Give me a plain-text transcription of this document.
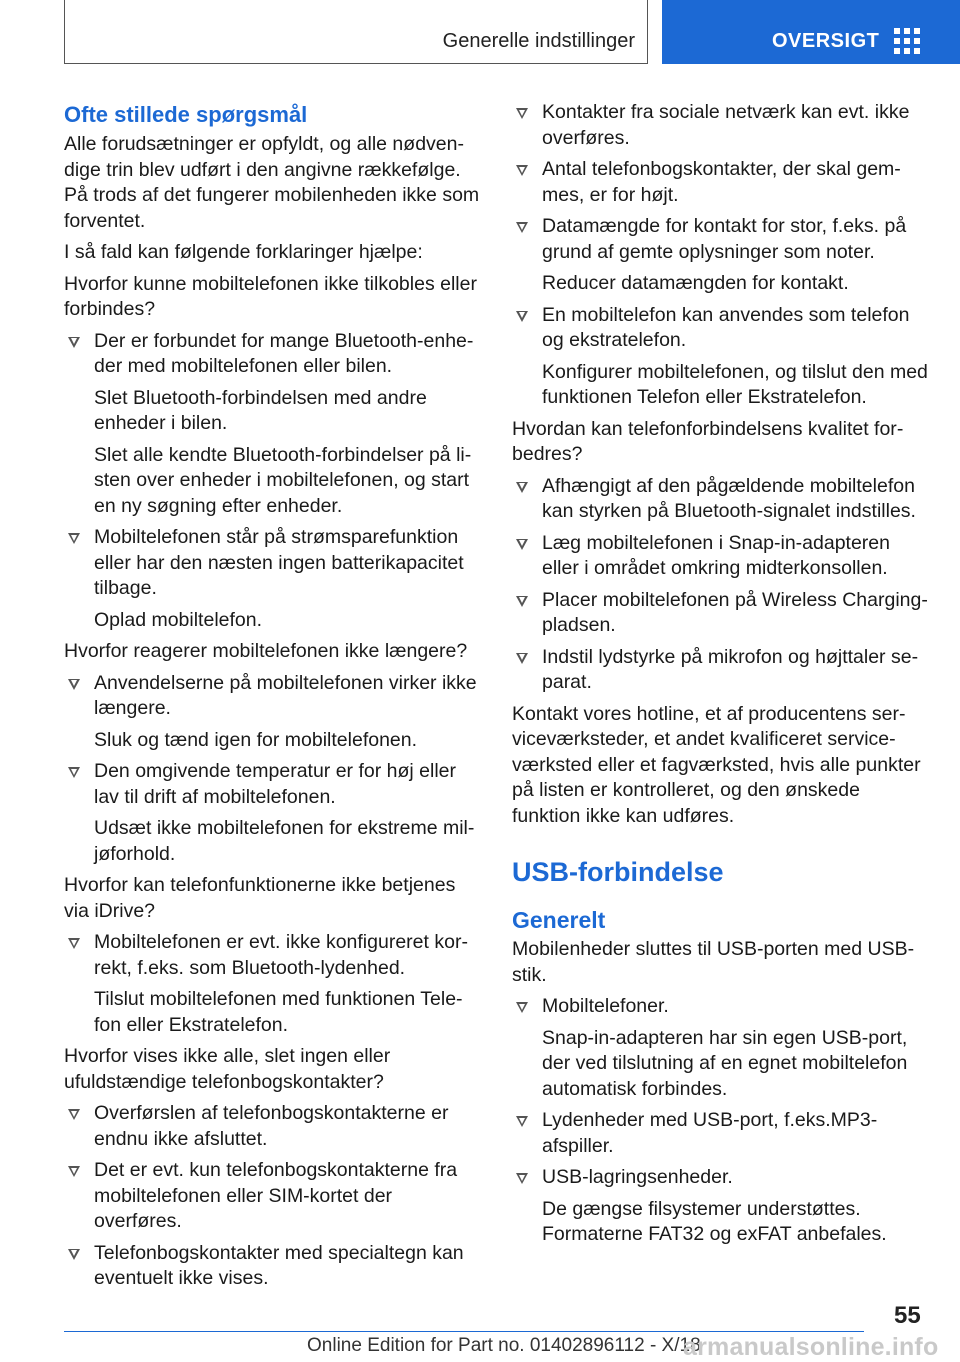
Generelle indstillinger	OVERSIGT
Ofte stillede spørgsmål

Alle forudsætninger er opfyldt, og alle nødvendige trin blev udført i den angivne rækkefølge. På trods af det fungerer mobilenheden ikke som forventet.

I så fald kan følgende forklaringer hjælpe:

Hvorfor kunne mobiltelefonen ikke tilkobles eller forbindes?

Der er forbundet for mange Bluetooth-enheder med mobiltelefonen eller bilen.
Slet Bluetooth-forbindelsen med andre enheder i bilen.
Slet alle kendte Bluetooth-forbindelser på listen over enheder i mobiltelefonen, og start en ny søgning efter enheder.
Mobiltelefonen står på strømsparefunktion eller har den næsten ingen batterikapacitet tilbage.
Oplad mobiltelefon.

Hvorfor reagerer mobiltelefonen ikke længere?

Anvendelserne på mobiltelefonen virker ikke længere.
Sluk og tænd igen for mobiltelefonen.
Den omgivende temperatur er for høj eller lav til drift af mobiltelefonen.
Udsæt ikke mobiltelefonen for ekstreme miljøforhold.

Hvorfor kan telefonfunktionerne ikke betjenes via iDrive?

Mobiltelefonen er evt. ikke konfigureret korrekt, f.eks. som Bluetooth-lydenhed.
Tilslut mobiltelefonen med funktionen Telefon eller Ekstratelefon.

Hvorfor vises ikke alle, slet ingen eller ufuldstændige telefonbogskontakter?

Overførslen af telefonbogskontakterne er endnu ikke afsluttet.
Det er evt. kun telefonbogskontakterne fra mobiltelefonen eller SIM-kortet der overføres.
Telefonbogskontakter med specialtegn kan eventuelt ikke vises.
Kontakter fra sociale netværk kan evt. ikke overføres.
Antal telefonbogskontakter, der skal gemmes, er for højt.
Datamængde for kontakt for stor, f.eks. på grund af gemte oplysninger som noter.
Reducer datamængden for kontakt.
En mobiltelefon kan anvendes som telefon og ekstratelefon.
Konfigurer mobiltelefonen, og tilslut den med funktionen Telefon eller Ekstratelefon.

Hvordan kan telefonforbindelsens kvalitet forbedres?

Afhængigt af den pågældende mobiltelefon kan styrken på Bluetooth-signalet indstilles.
Læg mobiltelefonen i Snap-in-adapteren eller i området omkring midterkonsollen.
Placer mobiltelefonen på Wireless Charging-pladsen.
Indstil lydstyrke på mikrofon og højttaler separat.

Kontakt vores hotline, et af producentens serviceværksteder, et andet kvalificeret serviceværksted eller et fagværksted, hvis alle punkter på listen er kontrolleret, og den ønskede funktion ikke kan udføres.

USB-forbindelse
Generelt

Mobilenheder sluttes til USB-porten med USB-stik.

Mobiltelefoner.
Snap-in-adapteren har sin egen USB-port, der ved tilslutning af en egnet mobiltelefon automatisk forbindes.
Lydenheder med USB-port, f.eks.MP3-afspiller.
USB-lagringsenheder.
De gængse filsystemer understøttes. Formaterne FAT32 og exFAT anbefales.
55
Online Edition for Part no. 01402896112 - X/18
armanualsonline.info
